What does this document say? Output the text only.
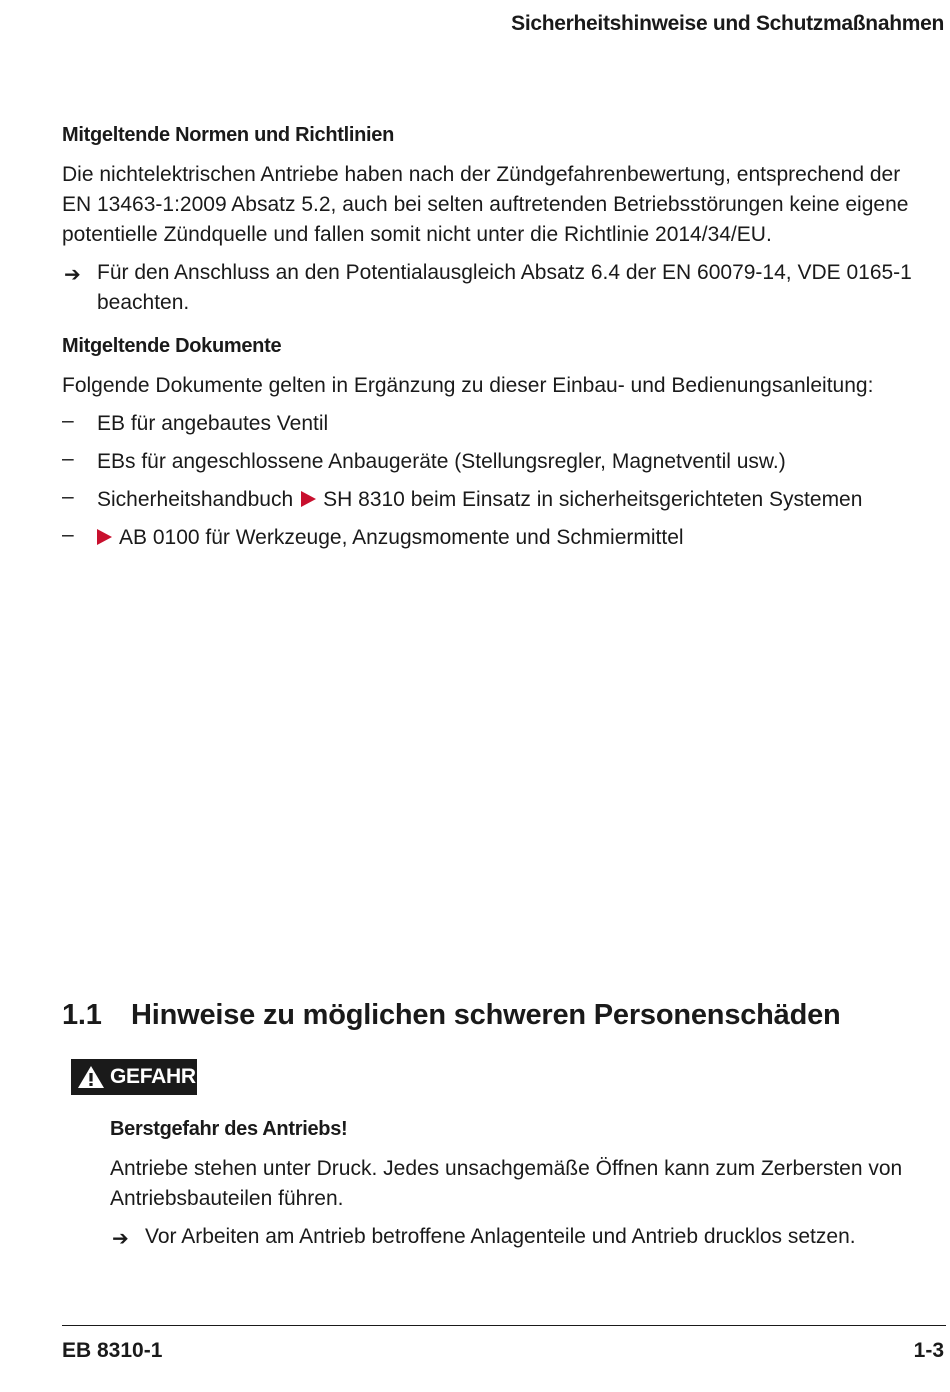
Sicherheitshinweise und Schutzmaßnahmen
Mitgeltende Normen und Richtlinien
Die nichtelektrischen Antriebe haben nach der Zündgefahrenbewertung, entsprechend der
EN 13463-1:2009 Absatz 5.2, auch bei selten auftretenden Betriebsstörungen keine eigene
potentielle Zündquelle und fallen somit nicht unter die Richtlinie 2014/34/EU.
➔ Für den Anschluss an den Potentialausgleich Absatz 6.4 der EN 60079-14, VDE 0165-1
beachten.
Mitgeltende Dokumente
Folgende Dokumente gelten in Ergänzung zu dieser Einbau- und Bedienungsanleitung:
– EB für angebautes Ventil
– EBs für angeschlossene Anbaugeräte (Stellungsregler, Magnetventil usw.)
– Sicherheitshandbuch SH 8310 beim Einsatz in sicherheitsgerichteten Systemen
–	AB 0100 für Werkzeuge, Anzugsmomente und Schmiermittel
1.1 Hinweise zu möglichen schweren Personenschäden
GEFAHR
Berstgefahr des Antriebs!
Antriebe stehen unter Druck. Jedes unsachgemäße Öffnen kann zum Zerbersten von
Antriebsbauteilen führen.
➔ Vor Arbeiten am Antrieb betroffene Anlagenteile und Antrieb drucklos setzen.
EB 8310-1	1-3
